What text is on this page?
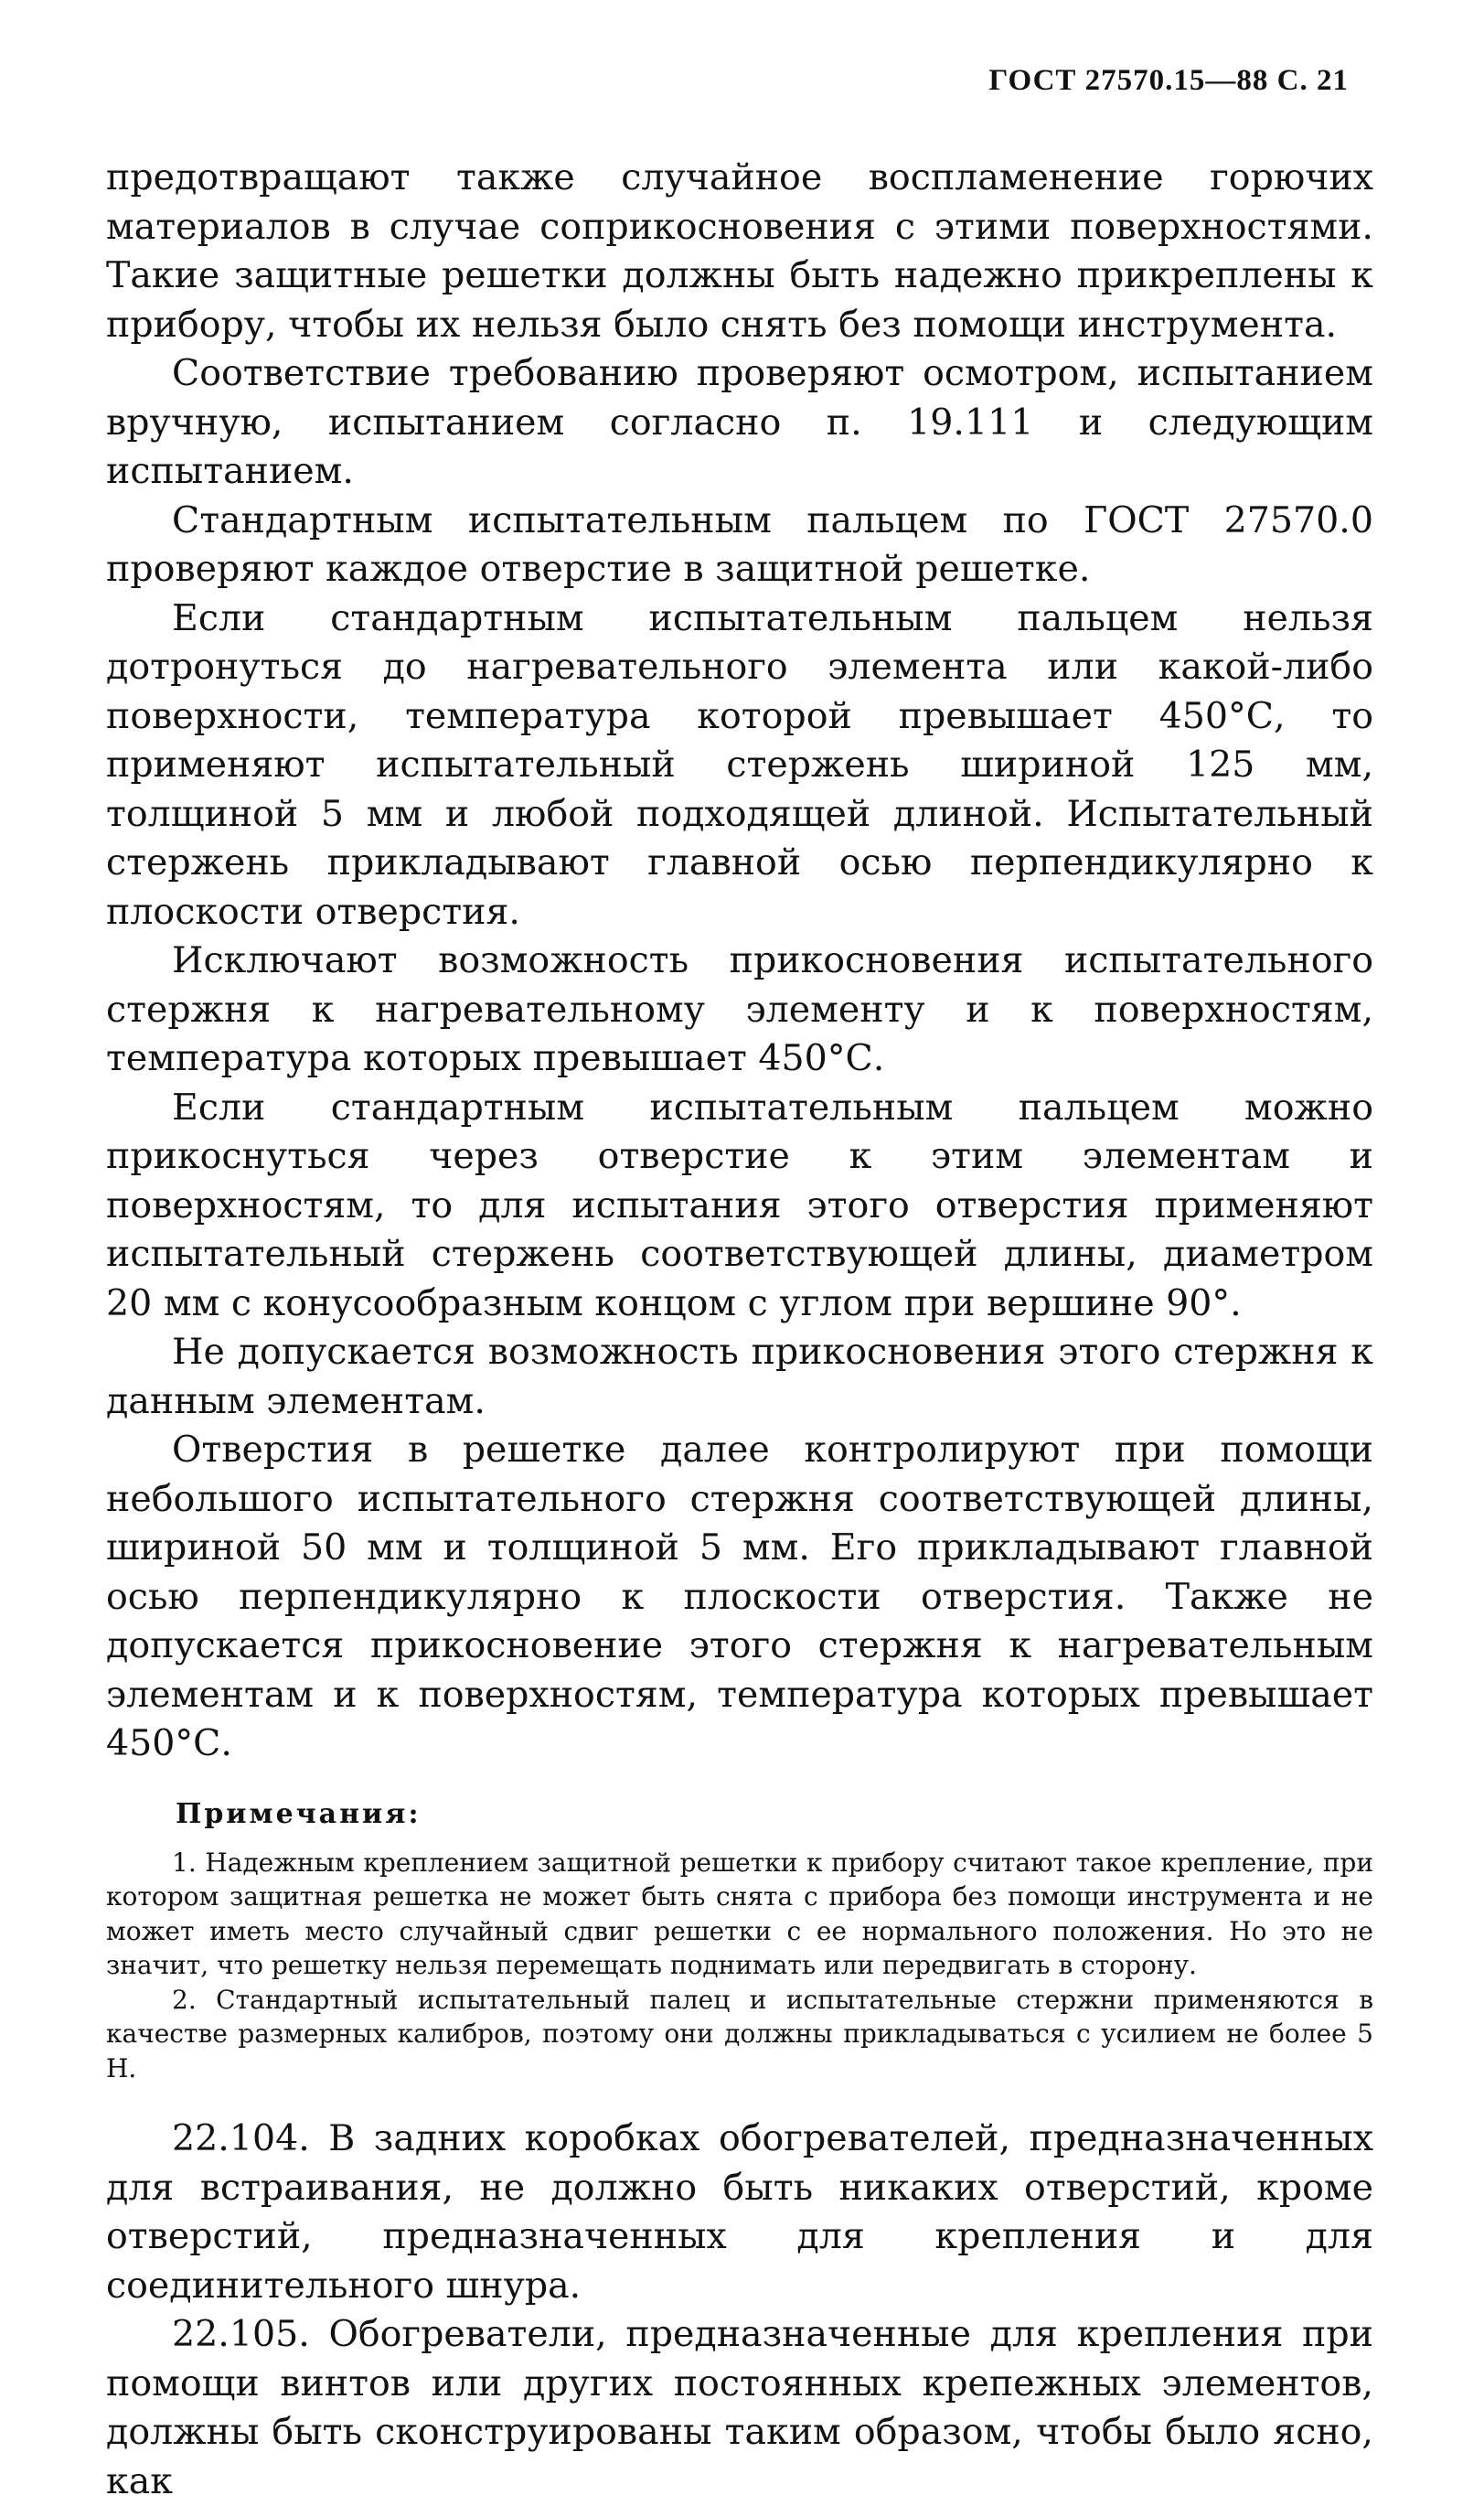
ГОСТ 27570.15—88 С. 21

предотвращают также случайное воспламенение горючих материалов в случае соприкосновения с этими поверхностями. Такие защитные решетки должны быть надежно прикреплены к прибору, чтобы их нельзя было снять без помощи инструмента.

Соответствие требованию проверяют осмотром, испытанием вручную, испытанием согласно п. 19.111 и следующим испытанием.

Стандартным испытательным пальцем по ГОСТ 27570.0 проверяют каждое отверстие в защитной решетке.

Если стандартным испытательным пальцем нельзя дотронуться до нагревательного элемента или какой-либо поверхности, температура которой превышает 450°С, то применяют испытательный стержень шириной 125 мм, толщиной 5 мм и любой подходящей длиной. Испытательный стержень прикладывают главной осью перпендикулярно к плоскости отверстия.

Исключают возможность прикосновения испытательного стержня к нагревательному элементу и к поверхностям, температура которых превышает 450°С.

Если стандартным испытательным пальцем можно прикоснуться через отверстие к этим элементам и поверхностям, то для испытания этого отверстия применяют испытательный стержень соответствующей длины, диаметром 20 мм с конусообразным концом с углом при вершине 90°.

Не допускается возможность прикосновения этого стержня к данным элементам.

Отверстия в решетке далее контролируют при помощи небольшого испытательного стержня соответствующей длины, шириной 50 мм и толщиной 5 мм. Его прикладывают главной осью перпендикулярно к плоскости отверстия. Также не допускается прикосновение этого стержня к нагревательным элементам и к поверхностям, температура которых превышает 450°С.

Примечания:

1. Надежным креплением защитной решетки к прибору считают такое крепление, при котором защитная решетка не может быть снята с прибора без помощи инструмента и не может иметь место случайный сдвиг решетки с ее нормального положения. Но это не значит, что решетку нельзя перемещать поднимать или передвигать в сторону.

2. Стандартный испытательный палец и испытательные стержни применяются в качестве размерных калибров, поэтому они должны прикладываться с усилием не более 5 Н.

22.104. В задних коробках обогревателей, предназначенных для встраивания, не должно быть никаких отверстий, кроме отверстий, предназначенных для крепления и для соединительного шнура.

22.105. Обогреватели, предназначенные для крепления при помощи винтов или других постоянных крепежных элементов, должны быть сконструированы таким образом, чтобы было ясно, как
